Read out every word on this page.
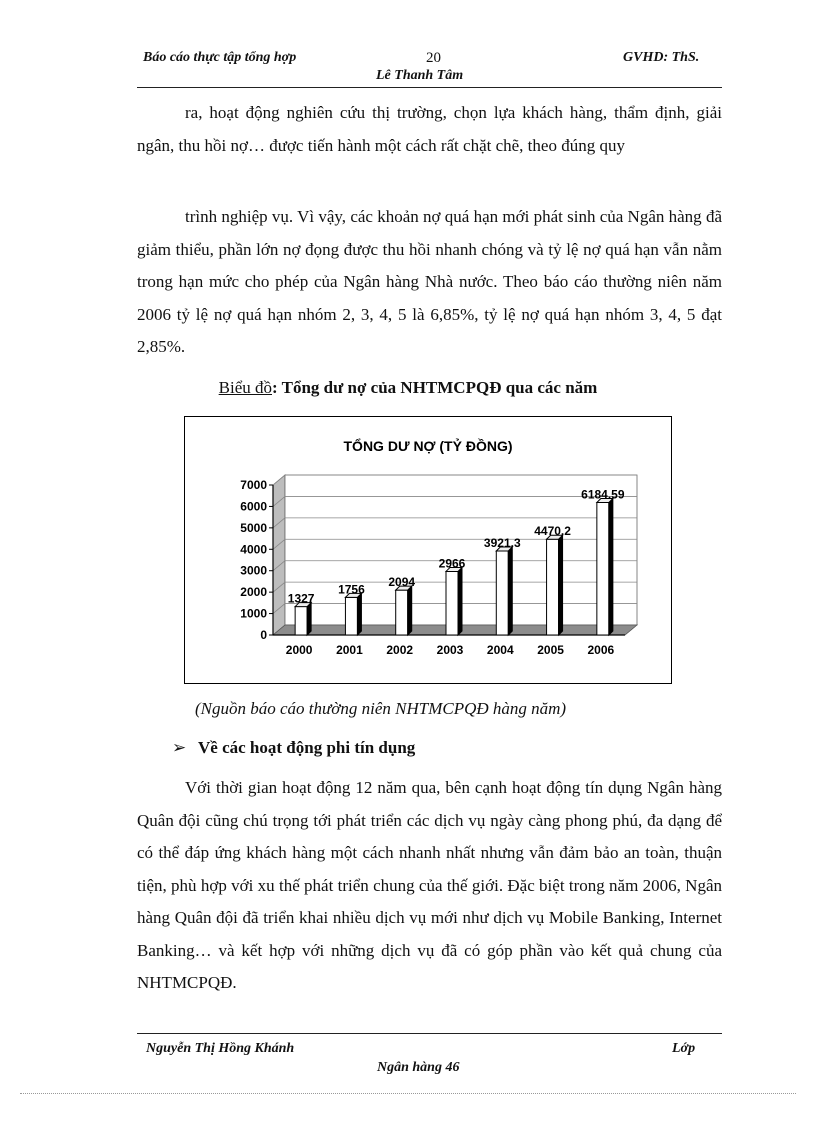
Báo cáo thực tập tổng hợp	20	GVHD: ThS.
Lê Thanh Tâm

ra, hoạt động nghiên cứu thị trường, chọn lựa khách hàng, thẩm định, giải ngân, thu hồi nợ… được tiến hành một cách rất chặt chẽ, theo đúng quy

trình nghiệp vụ. Vì vậy, các khoản nợ quá hạn mới phát sinh của Ngân hàng đã giảm thiểu, phần lớn nợ đọng được thu hồi nhanh chóng và tỷ lệ nợ quá hạn vẫn nằm trong hạn mức cho phép của Ngân hàng Nhà nước. Theo báo cáo thường niên năm 2006 tỷ lệ nợ quá hạn nhóm 2, 3, 4, 5 là 6,85%, tỷ lệ nợ quá hạn nhóm 3, 4, 5 đạt 2,85%.

Biểu đồ: Tổng dư nợ của NHTMCPQĐ qua các năm
TỔNG DƯ NỢ (TỶ ĐỒNG)
0
1000
2000
3000
4000
5000
6000
7000
1327
2000
1756
2001
2094
2002
2966
2003
3921.3
2004
4470.2
2005
6184.59
2006
(Nguồn báo cáo thường niên NHTMCPQĐ hàng năm)
➢ Về các hoạt động phi tín dụng

Với thời gian hoạt động 12 năm qua, bên cạnh hoạt động tín dụng Ngân hàng Quân đội cũng chú trọng tới phát triển các dịch vụ ngày càng phong phú, đa dạng để có thể đáp ứng khách hàng một cách nhanh nhất nhưng vẫn đảm bảo an toàn, thuận tiện, phù hợp với xu thế phát triển chung của thế giới. Đặc biệt trong năm 2006, Ngân hàng Quân đội đã triển khai nhiều dịch vụ mới như dịch vụ Mobile Banking, Internet Banking… và kết hợp với những dịch vụ đã có góp phần vào kết quả chung của NHTMCPQĐ.

Nguyễn Thị Hồng Khánh	Lớp
Ngân hàng 46
